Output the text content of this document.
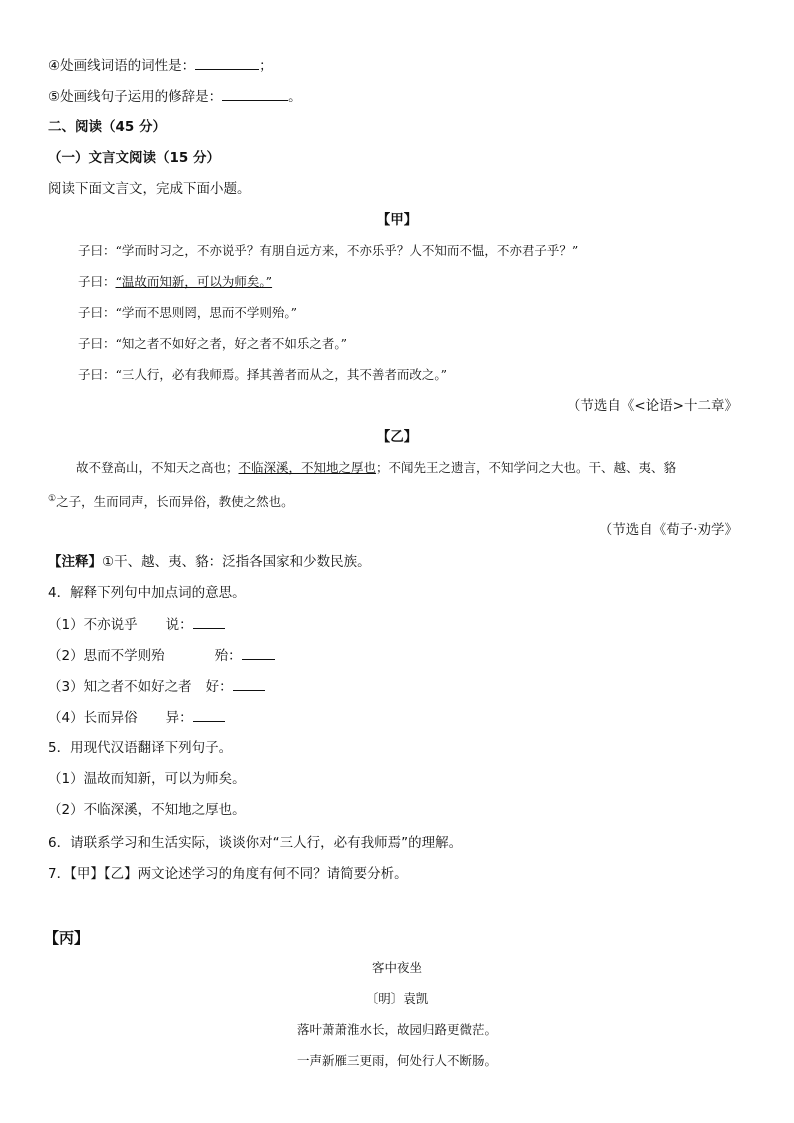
④处画线词语的词性是：	；
⑤处画线句子运用的修辞是：	。
二、阅读（45 分）
（一）文言文阅读（15 分）
阅读下面文言文，完成下面小题。
【甲】
子曰：“学而时习之，不亦说乎？有朋自远方来，不亦乐乎？人不知而不愠，不亦君子乎？”
子曰：“温故而知新，可以为师矣。”
子曰：“学而不思则罔，思而不学则殆。”
子曰：“知之者不如好之者，好之者不如乐之者。”
子曰：“三人行，必有我师焉。择其善者而从之，其不善者而改之。”
（节选自《<论语>十二章》
【乙】
故不登高山，不知天之高也；不临深溪，不知地之厚也；不闻先王之遗言，不知学问之大也。干、越、夷、貉
①之子，生而同声，长而异俗，教使之然也。
（节选自《荀子·劝学》
【注释】①干、越、夷、貉：泛指各国家和少数民族。
4．解释下列句中加点词的意思。
（1）不亦说乎 说：
（2）思而不学则殆	殆：
（3）知之者不如好之者 好：
（4）长而异俗 异：
5．用现代汉语翻译下列句子。
（1）温故而知新，可以为师矣。
（2）不临深溪，不知地之厚也。
6．请联系学习和生活实际，谈谈你对“三人行，必有我师焉”的理解。
7．【甲】【乙】两文论述学习的角度有何不同？请简要分析。
【丙】
客中夜坐
〔明〕袁凯
落叶萧萧淮水长，故园归路更微茫。
一声新雁三更雨，何处行人不断肠。
